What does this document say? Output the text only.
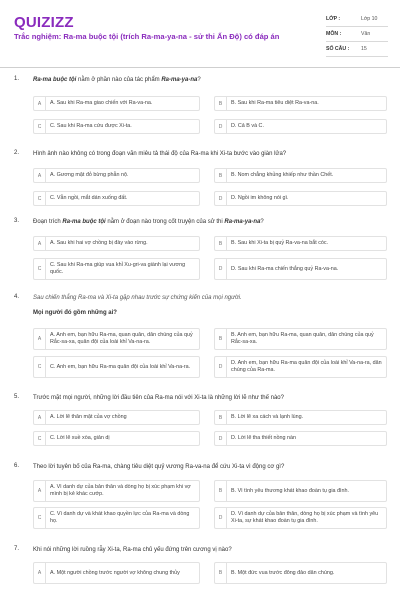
QUIZIZZ
Trắc nghiệm: Ra-ma buộc tội (trích Ra-ma-ya-na - sử thi Ấn Độ) có đáp án
LỚP :	Lớp 10
MÔN :	Văn
SỐ CÂU :	15
1. Ra-ma buộc tội nằm ở phần nào của tác phẩm Ra-ma-ya-na?
A	A. Sau khi Ra-ma giao chiến với Ra-va-na.	B	B. Sau khi Ra-ma tiêu diệt Ra-va-na.
C	C. Sau khi Ra-ma cứu được Xi-ta.	D	D. Cả B và C.
2. Hình ảnh nào không có trong đoạn văn miêu tả thái độ của Ra-ma khi Xi-ta bước vào giàn lửa?
A	A. Gương mặt đỏ bừng phẫn nộ.	B	B. Nom chẳng khủng khiếp như thần Chết.
C	C. Vẫn ngồi, mắt dán xuống đất.	D	D. Ngồi im không nói gì.
3. Đoạn trích Ra-ma buộc tội nằm ở đoạn nào trong cốt truyện của sử thi Ra-ma-ya-na?
A	A. Sau khi hai vợ chồng bị đày vào rừng.	B	B. Sau khi Xi-ta bị quỷ Ra-va-na bắt cóc.
C
C. Sau khi Ra-ma giúp vua khỉ Xu-gri-va giành lại vương quốc.	D	D. Sau khi Ra-ma chiến thắng quỷ Ra-va-na.
4. Sau chiến thắng Ra-ma và Xi-ta gặp nhau trước sự chứng kiến của mọi người.
Mọi người đó gồm những ai?
A
A. Anh em, bạn hữu Ra-ma, quan quân, dân chúng của quỷ Rắc-sa-xa, quân đội của loài khỉ Va-na-ra.	B
B. Anh em, bạn hữu Ra-ma, quan quân, dân chúng của quỷ Rắc-sa-xa.
C	C. Anh em, bạn hữu Ra-ma quân đội của loài khỉ Va-na-ra.	D
D. Anh em, bạn hữu Ra-ma quân đội của loài khỉ Va-na-ra, dân chúng của Ra-ma.
5. Trước mặt mọi người, những lời đầu tiên của Ra-ma nói với Xi-ta là những lời lẽ như thế nào?
A	A. Lời lẽ thân mật của vợ chồng	B	B. Lời lẽ xa cách và lạnh lùng.
C	C. Lời lẽ xuề xòa, giản dị	D	D. Lời lẽ tha thiết nồng nàn
6. Theo lời tuyên bố của Ra-ma, chàng tiêu diệt quỷ vương Ra-va-na để cứu Xi-ta vì động cơ gì?
A
A. Vì danh dự của bản thân và dòng họ bị xúc phạm khi vợ mình bị kẻ khác cướp.	B	B. Vì tình yêu thương khát khao đoàn tụ gia đình.
C
C. Vì danh dự và khát khao quyền lực của Ra-ma và dòng họ.	D
D. Vì danh dự của bản thân, dòng họ bị xúc phạm và tình yêu Xi-ta, sự khát khao đoàn tụ gia đình.
7. Khi nói những lời ruồng rẫy Xi-ta, Ra-ma chủ yếu đứng trên cương vị nào?
A	A. Một người chồng trước người vợ không chung thủy	B	B. Một đức vua trước đông đảo dân chúng.
